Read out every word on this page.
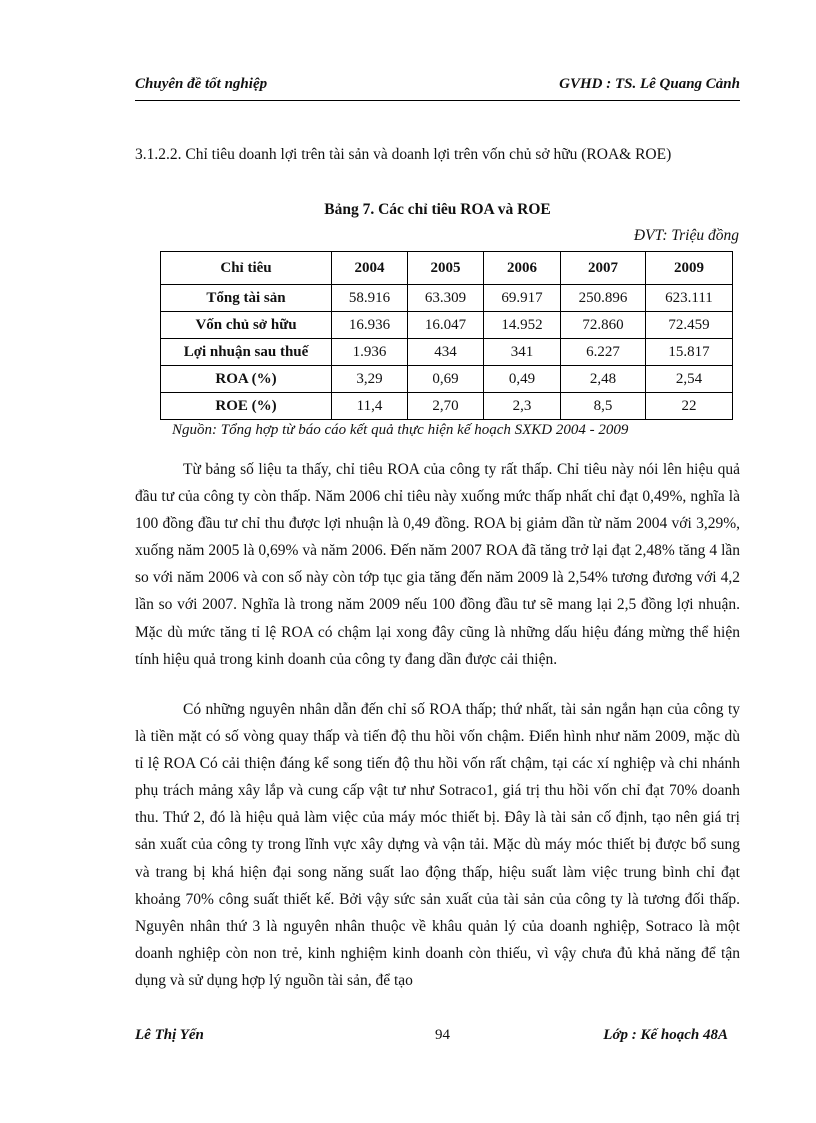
Chuyên đề tốt nghiệp	GVHD : TS. Lê Quang Cảnh
3.1.2.2. Chỉ tiêu doanh lợi trên tài sản và doanh lợi trên vốn chủ sở hữu (ROA& ROE)
Bảng 7. Các chỉ tiêu ROA và ROE
ĐVT: Triệu đồng
Chỉ tiêu	2004	2005	2006	2007	2009
Tổng tài sản	58.916	63.309	69.917	250.896	623.111
Vốn chủ sở hữu	16.936	16.047	14.952	72.860	72.459
Lợi nhuận sau thuế	1.936	434	341	6.227	15.817
ROA (%)	3,29	0,69	0,49	2,48	2,54
ROE (%)	11,4	2,70	2,3	8,5	22
Nguồn: Tổng hợp từ báo cáo kết quả thực hiện kế hoạch SXKD 2004 - 2009

Từ bảng số liệu ta thấy, chỉ tiêu ROA của công ty rất thấp. Chỉ tiêu này nói lên hiệu quả đầu tư của công ty còn thấp. Năm 2006 chỉ tiêu này xuống mức thấp nhất chỉ đạt 0,49%, nghĩa là 100 đồng đầu tư chỉ thu được lợi nhuận là 0,49 đồng. ROA bị giảm dần từ năm 2004 với 3,29%, xuống năm 2005 là 0,69% và năm 2006. Đến năm 2007 ROA đã tăng trở lại đạt 2,48% tăng 4 lần so với năm 2006 và con số này còn tớp tục gia tăng đến năm 2009 là 2,54% tương đương với 4,2 lần so với 2007. Nghĩa là trong năm 2009 nếu 100 đồng đầu tư sẽ mang lại 2,5 đồng lợi nhuận. Mặc dù mức tăng tỉ lệ ROA có chậm lại xong đây cũng là những dấu hiệu đáng mừng thể hiện tính hiệu quả trong kinh doanh của công ty đang dần được cải thiện.

Có những nguyên nhân dẫn đến chỉ số ROA thấp; thứ nhất, tài sản ngắn hạn của công ty là tiền mặt có số vòng quay thấp và tiến độ thu hồi vốn chậm. Điển hình như năm 2009, mặc dù tỉ lệ ROA Có cải thiện đáng kể song tiến độ thu hồi vốn rất chậm, tại các xí nghiệp và chi nhánh phụ trách mảng xây lắp và cung cấp vật tư như Sotraco1, giá trị thu hồi vốn chỉ đạt 70% doanh thu. Thứ 2, đó là hiệu quả làm việc của máy móc thiết bị. Đây là tài sản cố định, tạo nên giá trị sản xuất của công ty trong lĩnh vực xây dựng và vận tải. Mặc dù máy móc thiết bị được bổ sung và trang bị khá hiện đại song năng suất lao động thấp, hiệu suất làm việc trung bình chỉ đạt khoảng 70% công suất thiết kế. Bởi vậy sức sản xuất của tài sản của công ty là tương đối thấp. Nguyên nhân thứ 3 là nguyên nhân thuộc về khâu quản lý của doanh nghiệp, Sotraco là một doanh nghiệp còn non trẻ, kinh nghiệm kinh doanh còn thiếu, vì vậy chưa đủ khả năng để tận dụng và sử dụng hợp lý nguồn tài sản, để tạo

Lê Thị Yến	94	Lớp : Kế hoạch 48A
